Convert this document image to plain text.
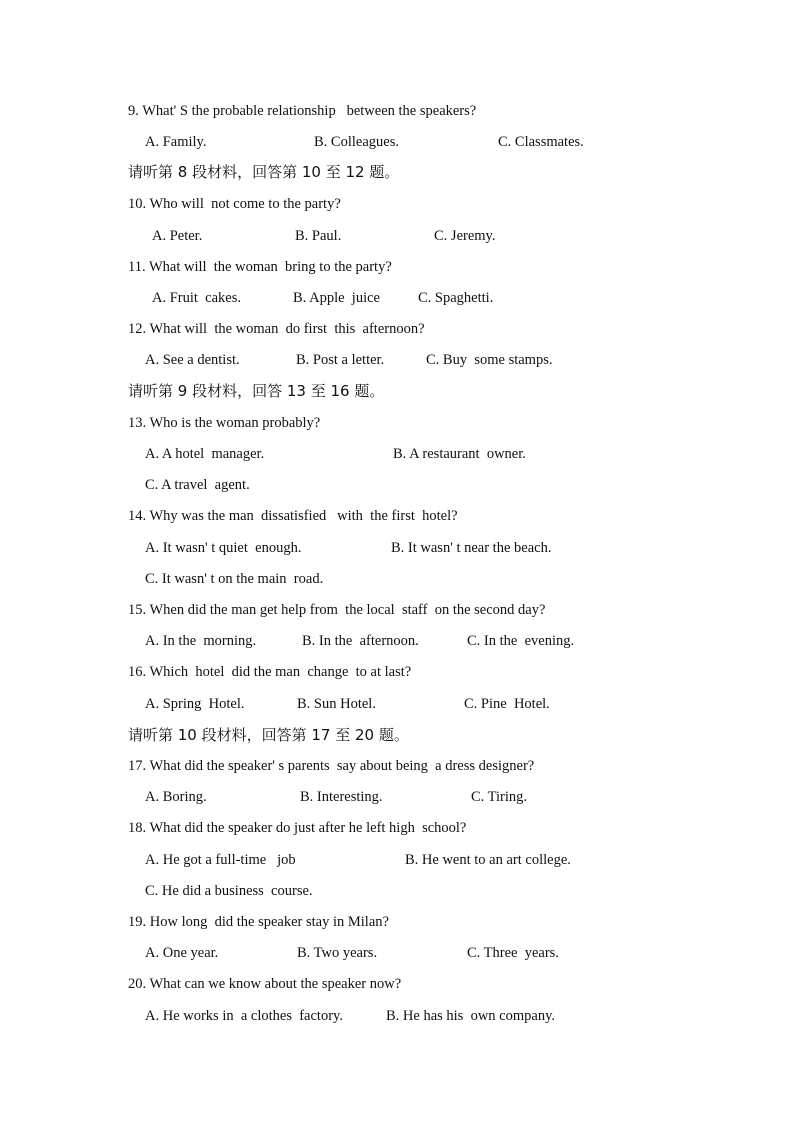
9. What' S the probable relationship   between the speakers?
A. Family.	B. Colleagues.	C. Classmates.
请听第 8 段材料，回答第 10 至 12 题。
10. Who will  not come to the party?
A. Peter.	B. Paul.	C. Jeremy.
11. What will  the woman  bring to the party?
A. Fruit  cakes.	B. Apple  juice	C. Spaghetti.
12. What will  the woman  do first  this  afternoon?
A. See a dentist.	B. Post a letter.	C. Buy  some stamps.
请听第 9 段材料，回答 13 至 16 题。
13. Who is the woman probably?
A. A hotel  manager.	B. A restaurant  owner.
C. A travel  agent.
14. Why was the man  dissatisfied   with  the first  hotel?
A. It wasn' t quiet  enough.	B. It wasn' t near the beach.
C. It wasn' t on the main  road.
15. When did the man get help from  the local  staff  on the second day?
A. In the  morning.	B. In the  afternoon.	C. In the  evening.
16. Which  hotel  did the man  change  to at last?
A. Spring  Hotel.	B. Sun Hotel.	C. Pine  Hotel.
请听第 10 段材料，回答第 17 至 20 题。
17. What did the speaker' s parents  say about being  a dress designer?
A. Boring.	B. Interesting.	C. Tiring.
18. What did the speaker do just after he left high  school?
A. He got a full-time   job	B. He went to an art college.
C. He did a business  course.
19. How long  did the speaker stay in Milan?
A. One year.	B. Two years.	C. Three  years.
20. What can we know about the speaker now?
A. He works in  a clothes  factory.	B. He has his  own company.
